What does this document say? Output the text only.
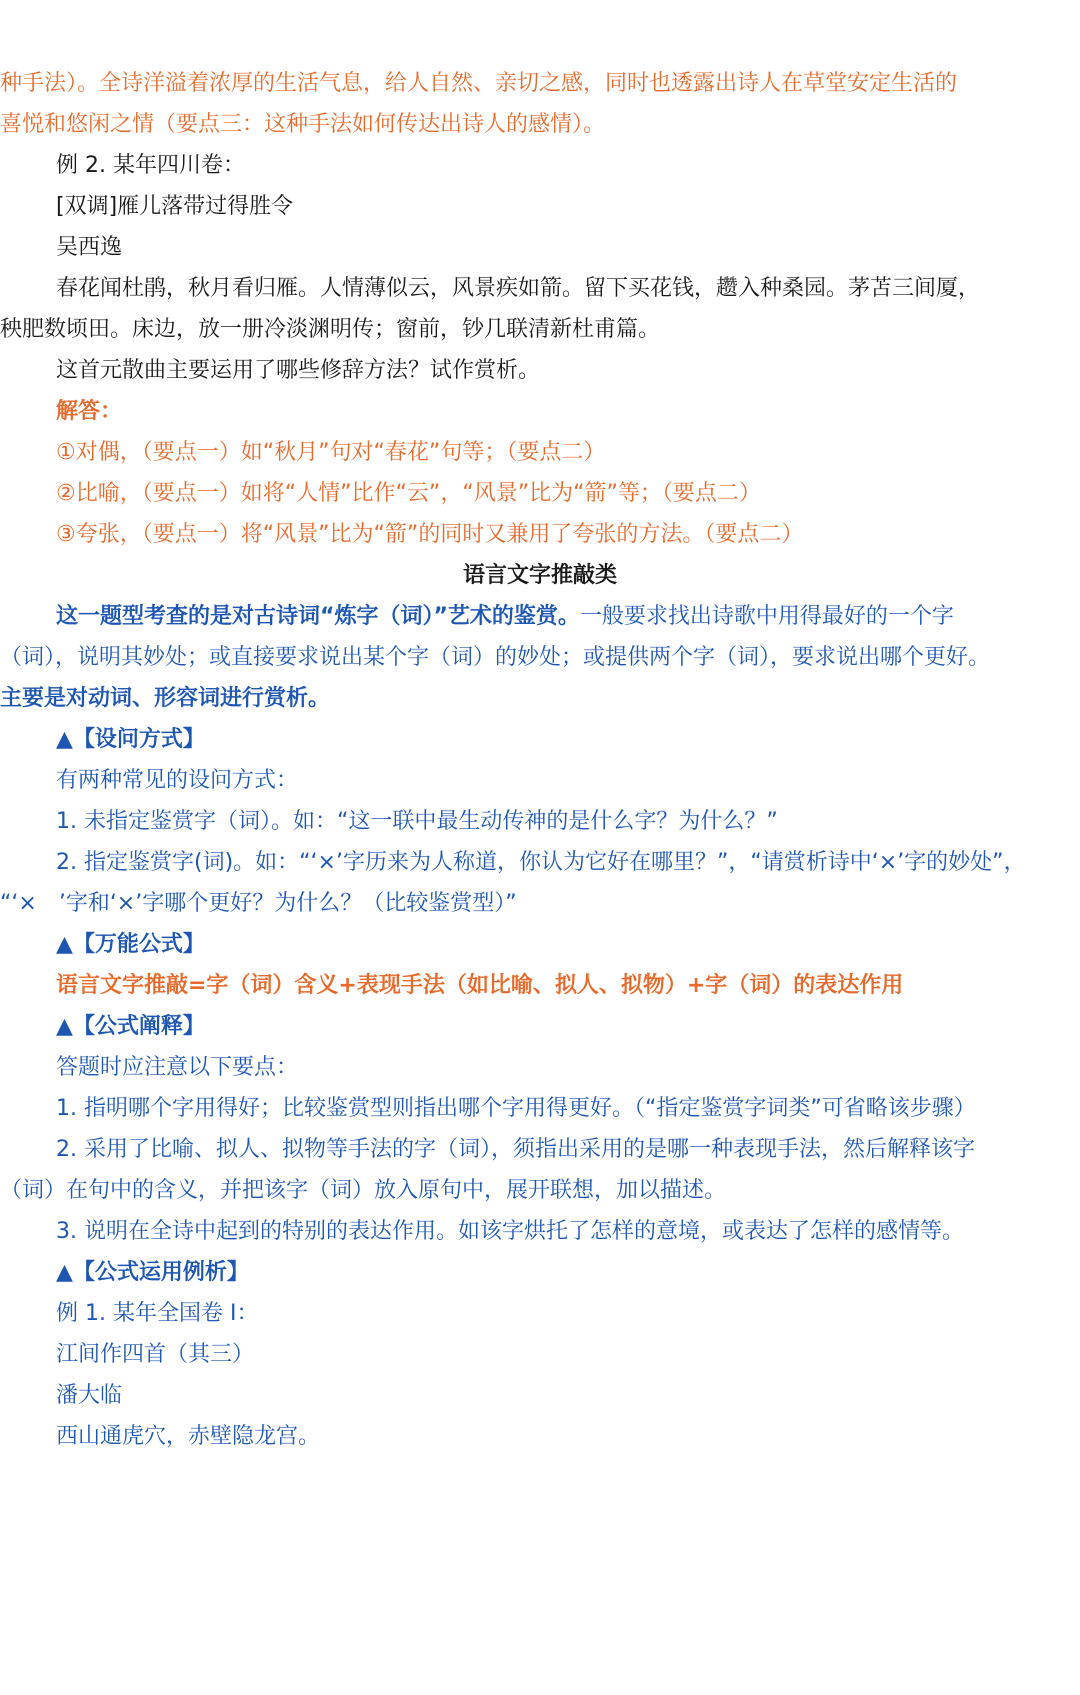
种手法）。全诗洋溢着浓厚的生活气息，给人自然、亲切之感，同时也透露出诗人在草堂安定生活的
喜悦和悠闲之情（要点三：这种手法如何传达出诗人的感情）。
例 2. 某年四川卷：
[双调]雁儿落带过得胜令
吴西逸
春花闻杜鹃，秋月看归雁。人情薄似云，风景疾如箭。留下买花钱，趱入种桑园。茅苫三间厦，
秧肥数顷田。床边，放一册冷淡渊明传；窗前，钞几联清新杜甫篇。
这首元散曲主要运用了哪些修辞方法？试作赏析。
解答：
①对偶，（要点一）如“秋月”句对“春花”句等；（要点二）
②比喻，（要点一）如将“人情”比作“云”，“风景”比为“箭”等；（要点二）
③夸张，（要点一）将“风景”比为“箭”的同时又兼用了夸张的方法。（要点二）
语言文字推敲类
这一题型考查的是对古诗词“炼字（词）”艺术的鉴赏。一般要求找出诗歌中用得最好的一个字
（词），说明其妙处；或直接要求说出某个字（词）的妙处；或提供两个字（词），要求说出哪个更好。
主要是对动词、形容词进行赏析。
▲【设问方式】
有两种常见的设问方式：
1. 未指定鉴赏字（词）。如：“这一联中最生动传神的是什么字？为什么？”
2. 指定鉴赏字(词)。如：“‘×’字历来为人称道，你认为它好在哪里？”，“请赏析诗中‘×’字的妙处”，
“‘×　’字和‘×’字哪个更好？为什么？（比较鉴赏型）”
▲【万能公式】
语言文字推敲=字（词）含义+表现手法（如比喻、拟人、拟物）+字（词）的表达作用
▲【公式阐释】
答题时应注意以下要点：
1. 指明哪个字用得好；比较鉴赏型则指出哪个字用得更好。（“指定鉴赏字词类”可省略该步骤）
2. 采用了比喻、拟人、拟物等手法的字（词），须指出采用的是哪一种表现手法，然后解释该字
（词）在句中的含义，并把该字（词）放入原句中，展开联想，加以描述。
3. 说明在全诗中起到的特别的表达作用。如该字烘托了怎样的意境，或表达了怎样的感情等。
▲【公式运用例析】
例 1. 某年全国卷 I：
江间作四首（其三）
潘大临
西山通虎穴，赤壁隐龙宫。
